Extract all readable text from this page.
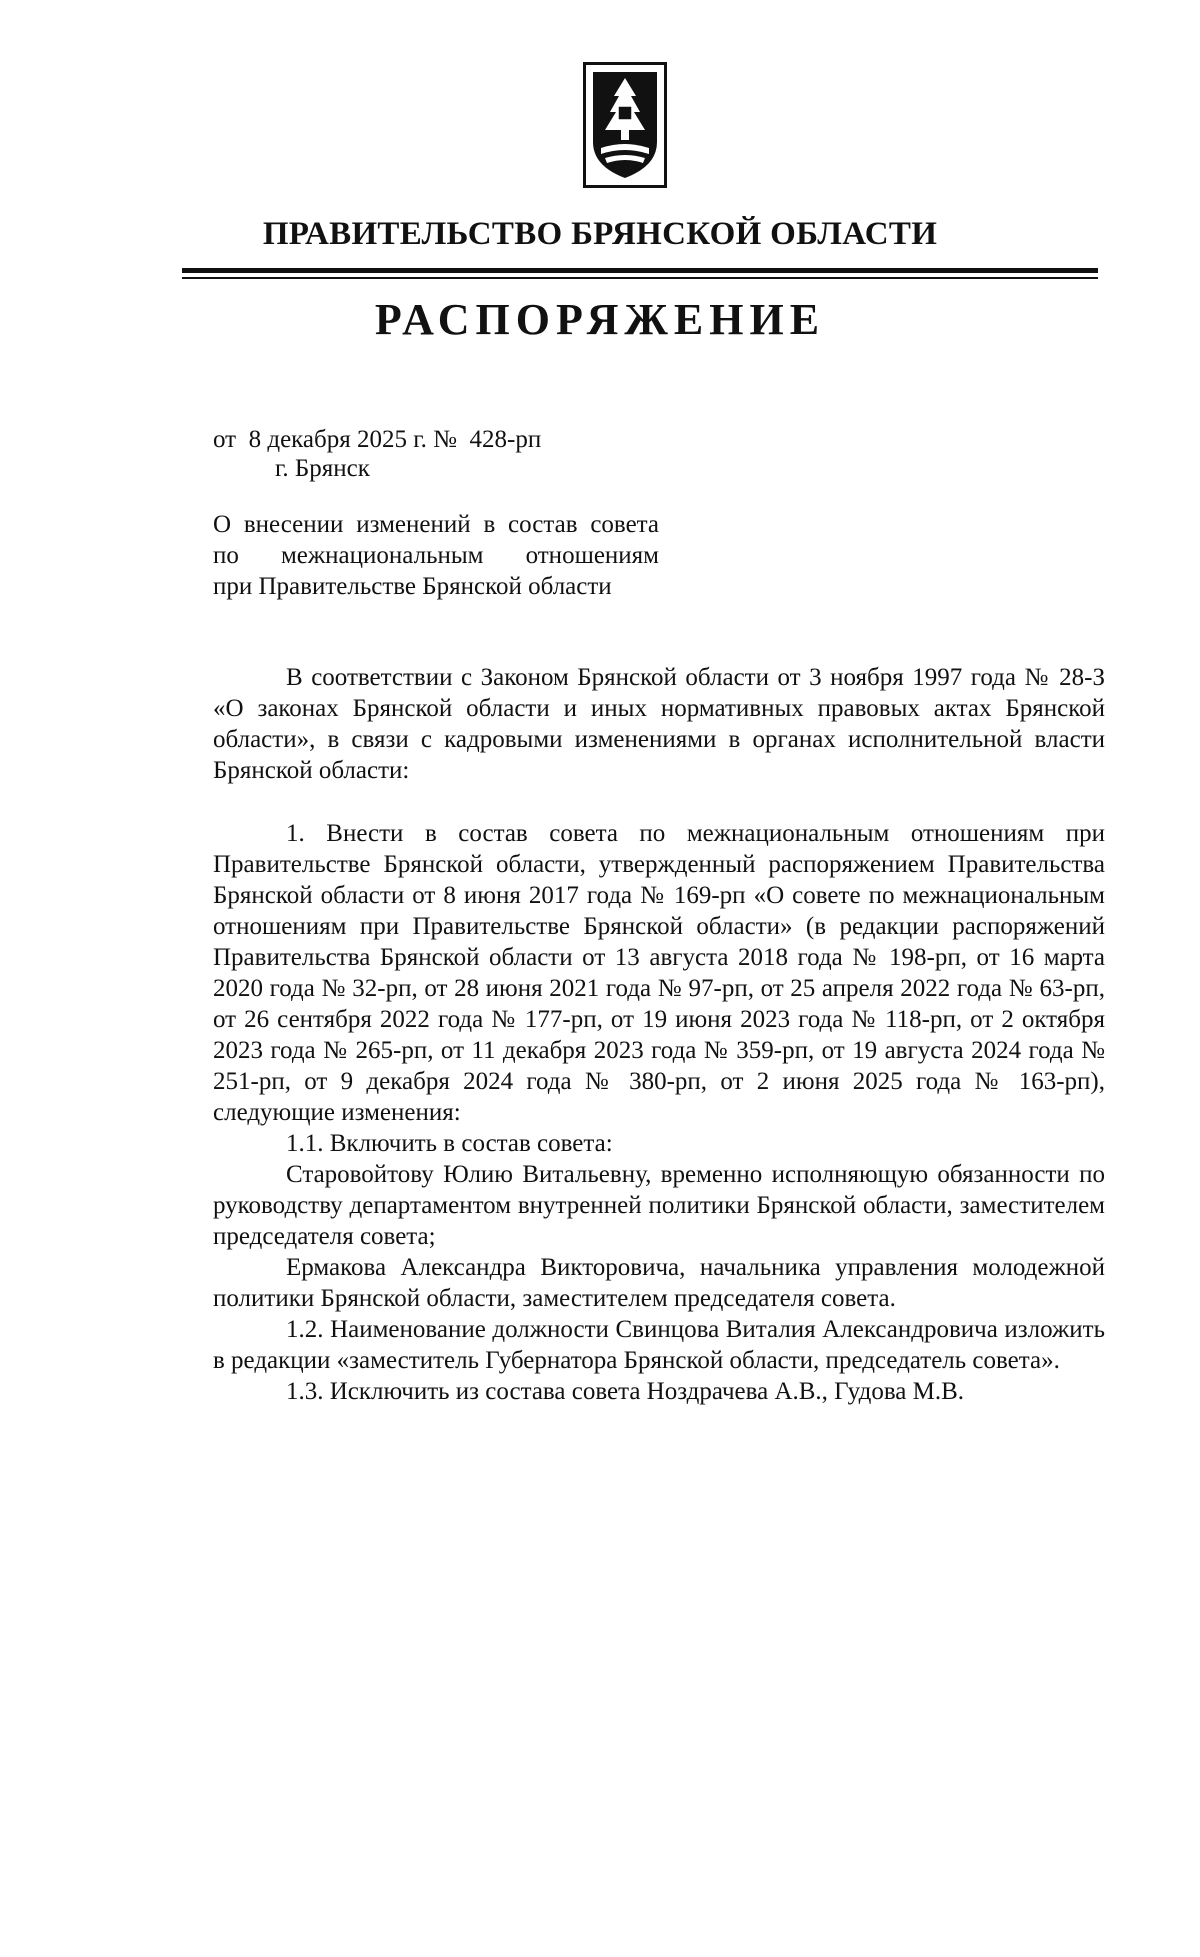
ПРАВИТЕЛЬСТВО БРЯНСКОЙ ОБЛАСТИ
РАСПОРЯЖЕНИЕ
от  8 декабря 2025 г. №  428-рп
г. Брянск
О внесении изменений в состав совета
по межнациональным отношениям
при Правительстве Брянской области

В соответствии с Законом Брянской области от 3 ноября 1997 года № 28-З «О законах Брянской области и иных нормативных правовых актах Брянской области», в связи с кадровыми изменениями в органах исполнительной власти Брянской области:

1. Внести в состав совета по межнациональным отношениям при Правительстве Брянской области, утвержденный распоряжением Правительства Брянской области от 8 июня 2017 года № 169-рп «О совете по межнациональным отношениям при Правительстве Брянской области» (в редакции распоряжений Правительства Брянской области от 13 августа 2018 года № 198-рп, от 16 марта 2020 года № 32-рп, от 28 июня 2021 года № 97-рп, от 25 апреля 2022 года № 63-рп, от 26 сентября 2022 года № 177-рп, от 19 июня 2023 года № 118-рп, от 2 октября 2023 года № 265-рп, от 11 декабря 2023 года № 359-рп, от 19 августа 2024 года № 251-рп, от 9 декабря 2024 года № 380-рп, от 2 июня 2025 года № 163-рп), следующие изменения:

1.1. Включить в состав совета:

Старовойтову Юлию Витальевну, временно исполняющую обязанности по руководству департаментом внутренней политики Брянской области, заместителем председателя совета;

Ермакова Александра Викторовича, начальника управления молодежной политики Брянской области, заместителем председателя совета.

1.2. Наименование должности Свинцова Виталия Александровича изложить в редакции «заместитель Губернатора Брянской области, председатель совета».

1.3. Исключить из состава совета Ноздрачева А.В., Гудова М.В.
